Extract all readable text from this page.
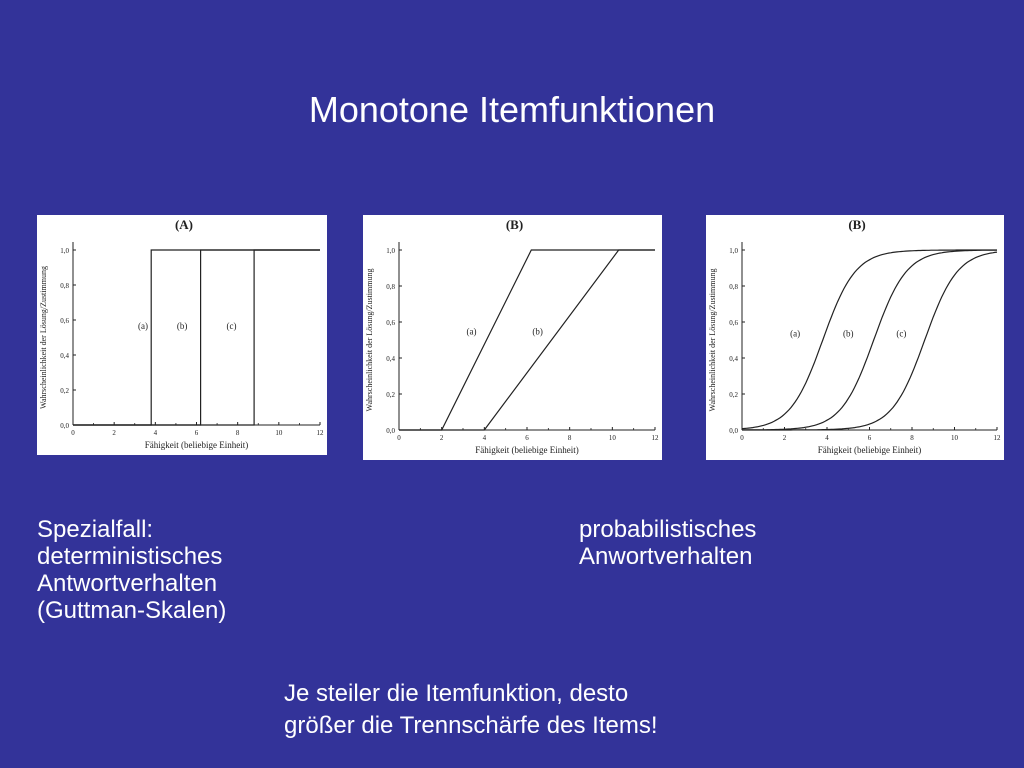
Monotone Itemfunktionen
(A)
0,0
0,2
0,4
0,6
0,8
1,0
0	2	4	6	8	10	12
Fähigkeit (beliebige Einheit)
Wahrscheinlichkeit der Lösung/Zustimmung	(a)	(b)	(c)
(B)
0,0
0,2
0,4
0,6
0,8
1,0
0	2	4	6	8	10	12
Fähigkeit (beliebige Einheit)
Wahrscheinlichkeit der Lösung/Zustimmung	(a)	(b)
(B)
0,0
0,2
0,4
0,6
0,8
1,0
0	2	4	6	8	10	12
Fähigkeit (beliebige Einheit)
Wahrscheinlichkeit der Lösung/Zustimmung	(a)	(b)	(c)
Spezialfall:
deterministisches
Antwortverhalten
(Guttman-Skalen)
probabilistisches
Anwortverhalten
Je steiler die Itemfunktion, desto
größer die Trennschärfe des Items!
